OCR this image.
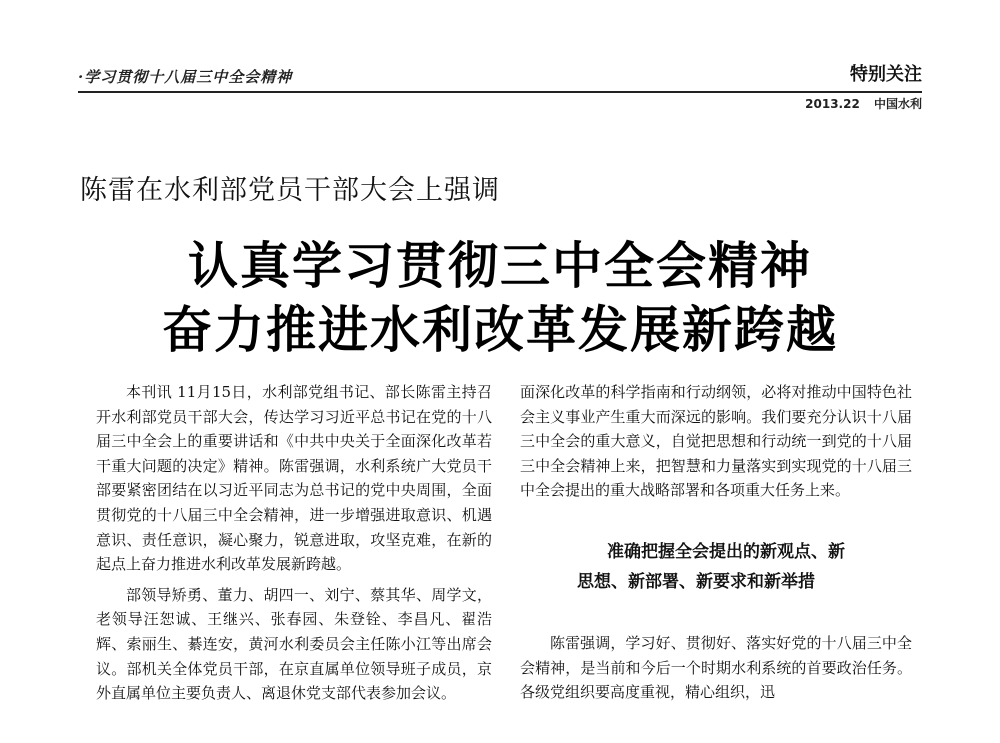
·学习贯彻十八届三中全会精神	特别关注
2013.22 中国水利
陈雷在水利部党员干部大会上强调
认真学习贯彻三中全会精神
奋力推进水利改革发展新跨越

本刊讯 11月15日，水利部党组书记、部长陈雷主持召开水利部党员干部大会，传达学习习近平总书记在党的十八届三中全会上的重要讲话和《中共中央关于全面深化改革若干重大问题的决定》精神。陈雷强调，水利系统广大党员干部要紧密团结在以习近平同志为总书记的党中央周围，全面贯彻党的十八届三中全会精神，进一步增强进取意识、机遇意识、责任意识，凝心聚力，锐意进取，攻坚克难，在新的起点上奋力推进水利改革发展新跨越。

部领导矫勇、董力、胡四一、刘宁、蔡其华、周学文，老领导汪恕诚、王继兴、张春园、朱登铨、李昌凡、翟浩辉、索丽生、綦连安，黄河水利委员会主任陈小江等出席会议。部机关全体党员干部，在京直属单位领导班子成员，京外直属单位主要负责人、离退休党支部代表参加会议。

面深化改革的科学指南和行动纲领，必将对推动中国特色社会主义事业产生重大而深远的影响。我们要充分认识十八届三中全会的重大意义，自觉把思想和行动统一到党的十八届三中全会精神上来，把智慧和力量落实到实现党的十八届三中全会提出的重大战略部署和各项重大任务上来。

准确把握全会提出的新观点、新
思想、新部署、新要求和新举措

陈雷强调，学习好、贯彻好、落实好党的十八届三中全会精神，是当前和今后一个时期水利系统的首要政治任务。各级党组织要高度重视，精心组织，迅
